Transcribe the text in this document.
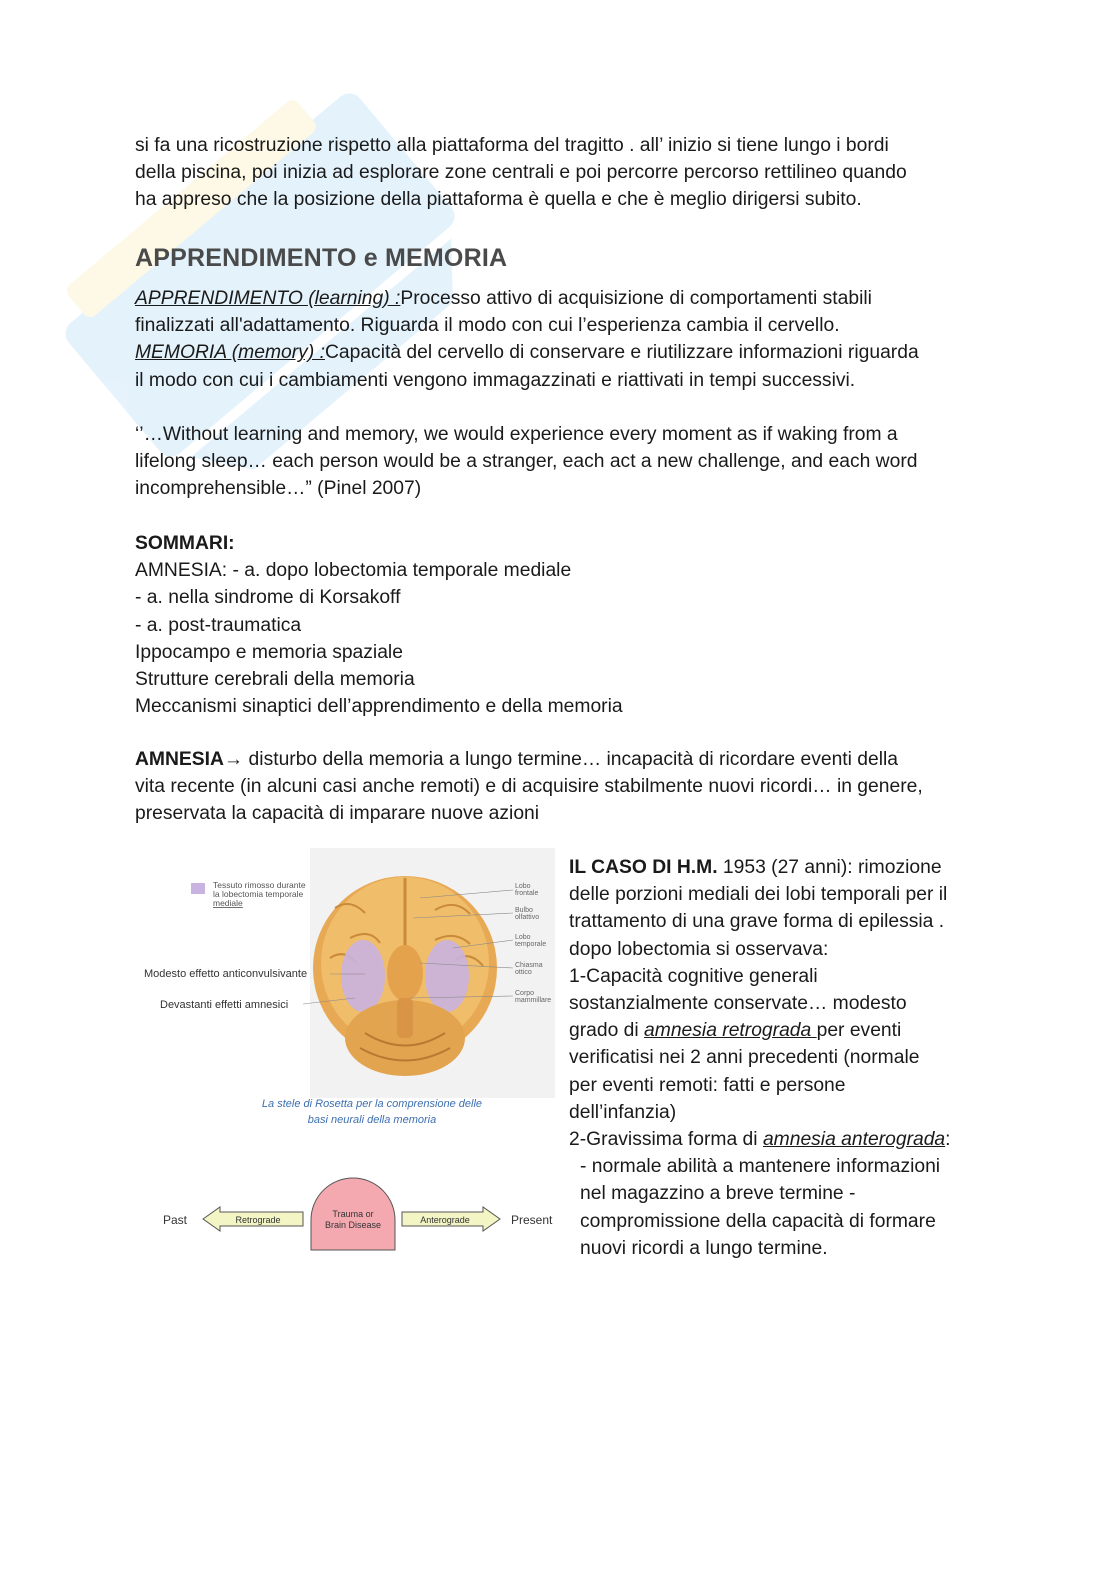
si fa una ricostruzione rispetto alla piattaforma del tragitto . all’ inizio si tiene lungo i bordi
della piscina, poi inizia ad esplorare zone centrali e poi percorre percorso rettilineo quando
ha appreso che la posizione della piattaforma è quella e che è meglio dirigersi subito.
APPRENDIMENTO e MEMORIA
APPRENDIMENTO (learning) :Processo attivo di acquisizione di comportamenti stabili
finalizzati all'adattamento. Riguarda il modo con cui l’esperienza cambia il cervello.
MEMORIA (memory) :Capacità del cervello di conservare e riutilizzare informazioni riguarda
il modo con cui i cambiamenti vengono immagazzinati e riattivati in tempi successivi.
‘’…Without learning and memory, we would experience every moment as if waking from a
lifelong sleep… each person would be a stranger, each act a new challenge, and each word
incomprehensible…” (Pinel 2007)
SOMMARI:
AMNESIA: - a. dopo lobectomia temporale mediale
- a. nella sindrome di Korsakoff
- a. post-traumatica
Ippocampo e memoria spaziale
Strutture cerebrali della memoria
Meccanismi sinaptici dell’apprendimento e della memoria
AMNESIA→ disturbo della memoria a lungo termine… incapacità di ricordare eventi della
vita recente (in alcuni casi anche remoti) e di acquisire stabilmente nuovi ricordi… in genere,
preservata la capacità di imparare nuove azioni
Tessuto rimosso durante
la lobectomia temporale
mediale
Lobo
frontale
Bulbo
olfattivo
Lobo
temporale
Chiasma
ottico
Corpo
mammillare
Modesto effetto anticonvulsivante
Devastanti effetti amnesici
La stele di Rosetta per la comprensione delle
basi neurali della memoria
Past	Retrograde
Trauma or
Brain Disease	Anterograde	Present
IL CASO DI H.M. 1953 (27 anni): rimozione
delle porzioni mediali dei lobi temporali per il
trattamento di una grave forma di epilessia .
dopo lobectomia si osservava:
1-Capacità cognitive generali
sostanzialmente conservate… modesto
grado di amnesia retrograda per eventi
verificatisi nei 2 anni precedenti (normale
per eventi remoti: fatti e persone
dell’infanzia)
2-Gravissima forma di amnesia anterograda:
- normale abilità a mantenere informazioni
nel magazzino a breve termine -
compromissione della capacità di formare
nuovi ricordi a lungo termine.
